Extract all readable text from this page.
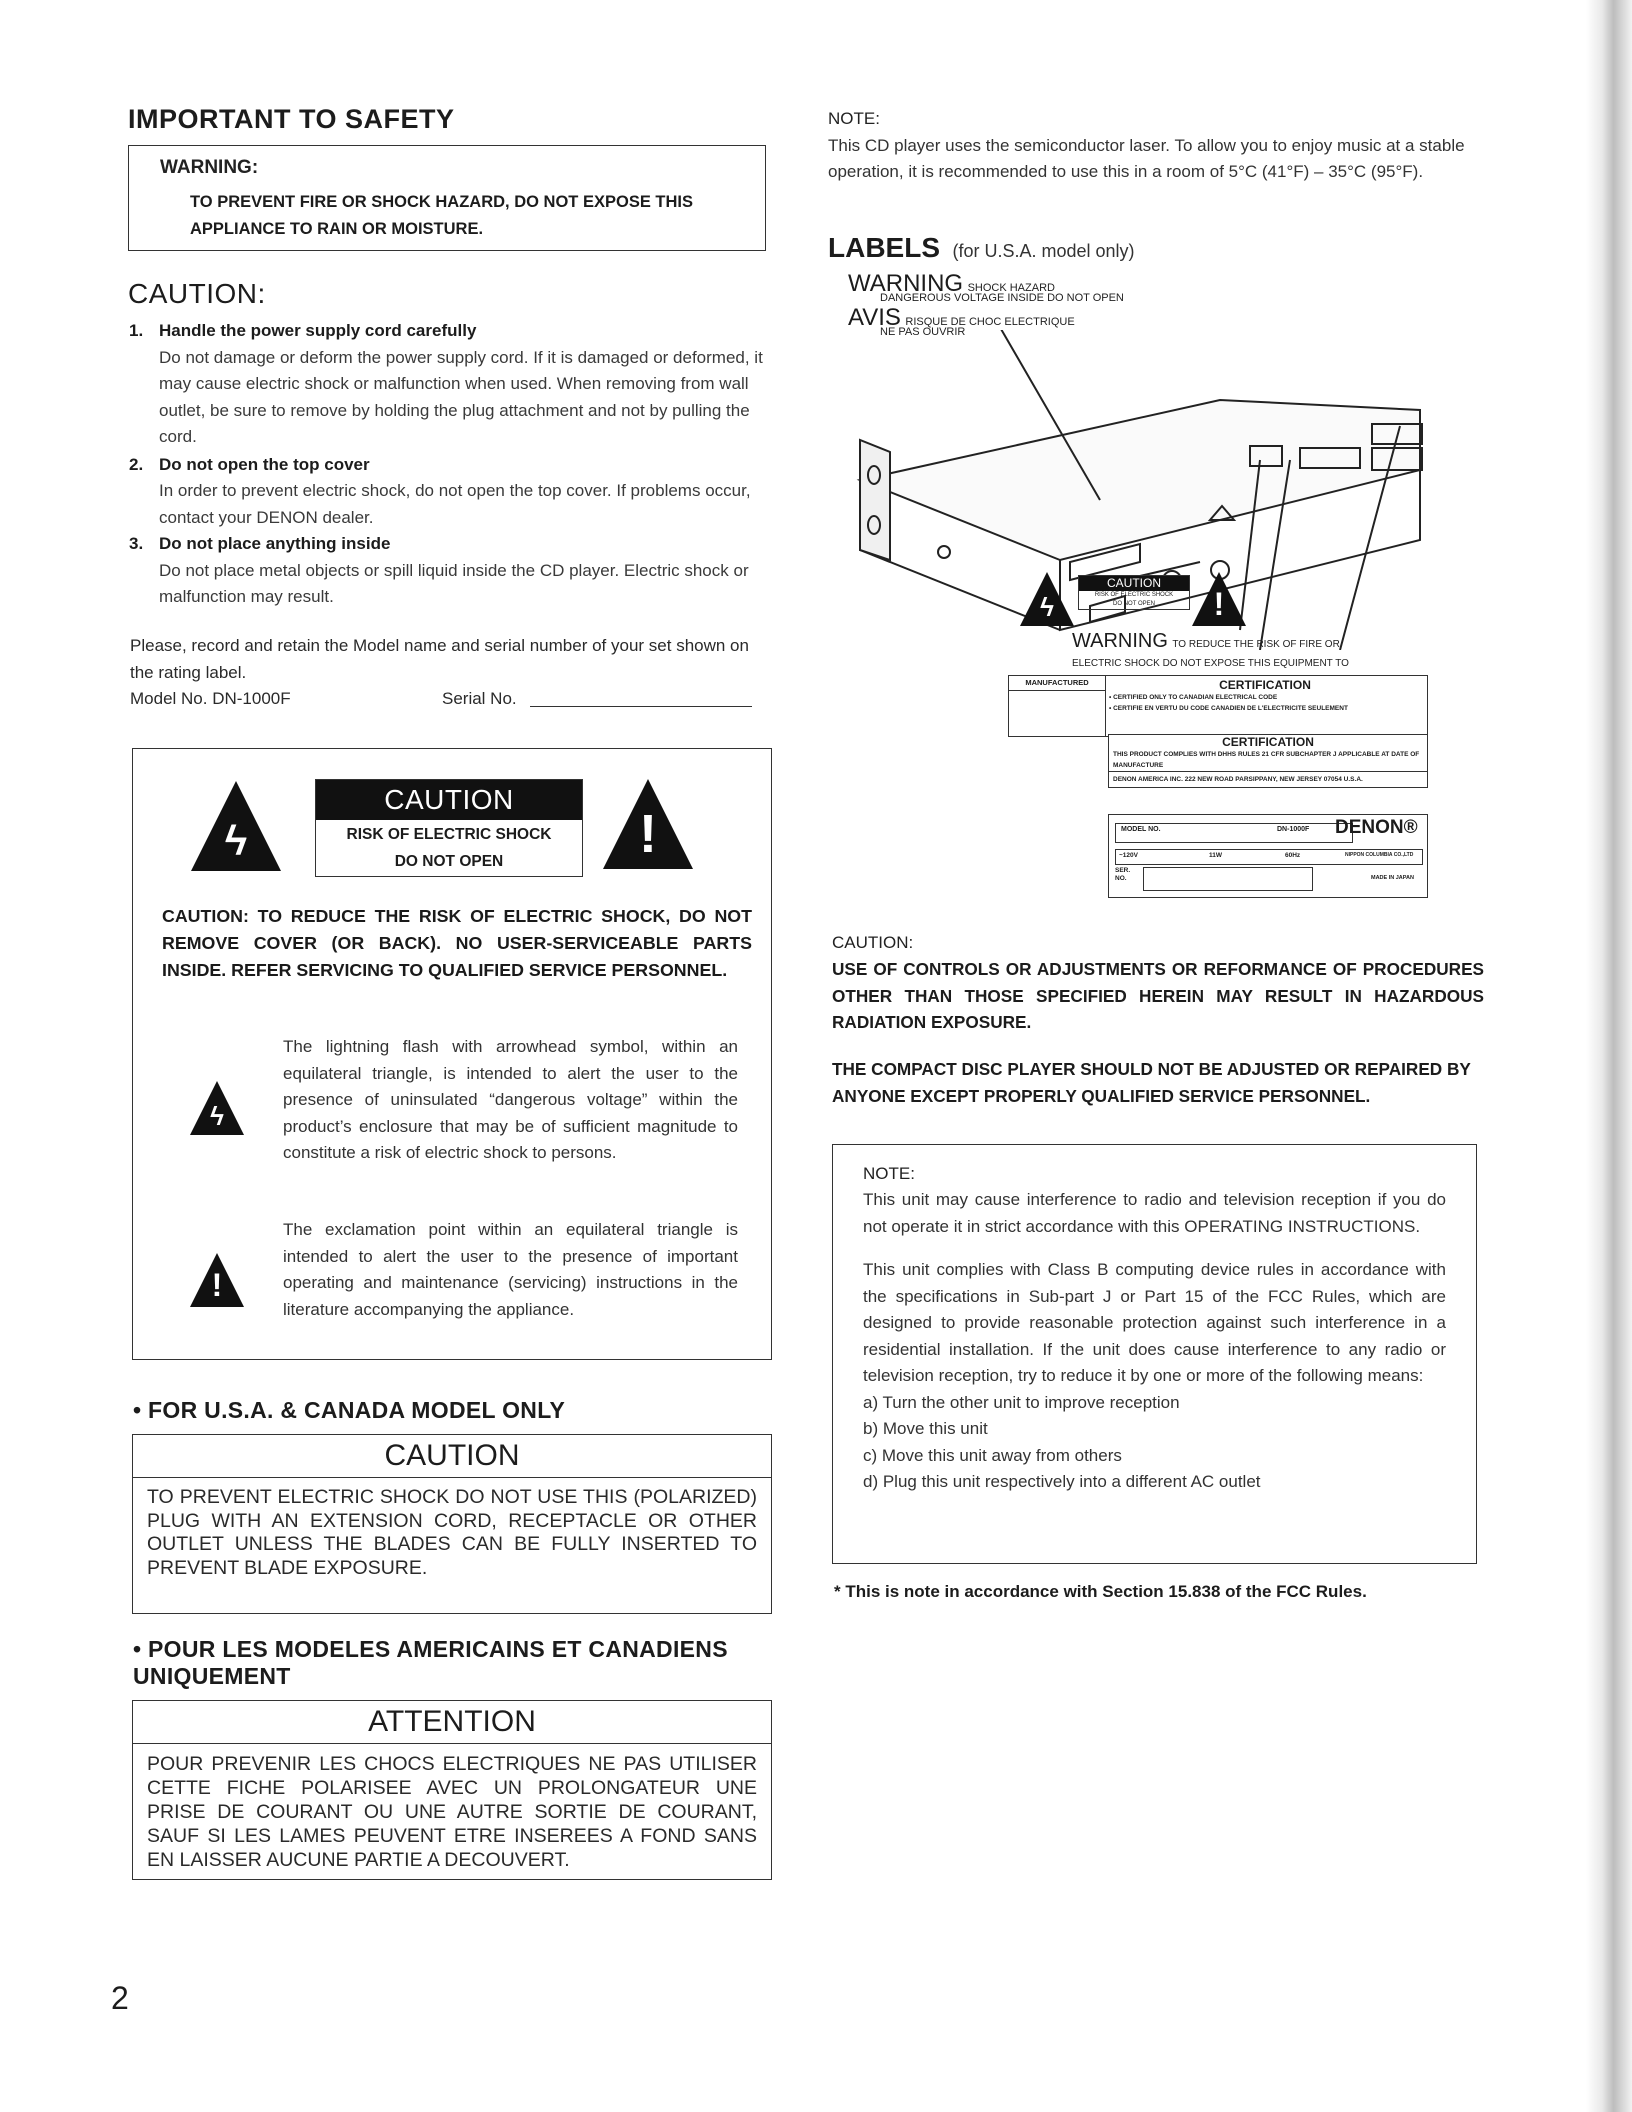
IMPORTANT TO SAFETY
WARNING:
TO PREVENT FIRE OR SHOCK HAZARD, DO NOT EXPOSE THIS APPLIANCE TO RAIN OR MOISTURE.
CAUTION:
1. Handle the power supply cord carefully
Do not damage or deform the power supply cord. If it is damaged or deformed, it may cause electric shock or malfunction when used. When removing from wall outlet, be sure to remove by holding the plug attachment and not by pulling the cord.
2. Do not open the top cover
In order to prevent electric shock, do not open the top cover. If problems occur, contact your DENON dealer.
3. Do not place anything inside
Do not place metal objects or spill liquid inside the CD player. Electric shock or malfunction may result.
Please, record and retain the Model name and serial number of your set shown on the rating label.
Model No. DN-1000F	Serial No.
ϟ
CAUTION
RISK OF ELECTRIC SHOCK
DO NOT OPEN	!
CAUTION: TO REDUCE THE RISK OF ELECTRIC SHOCK, DO NOT REMOVE COVER (OR BACK). NO USER-SERVICEABLE PARTS INSIDE. REFER SERVICING TO QUALIFIED SERVICE PERSONNEL.
ϟ
The lightning flash with arrowhead symbol, within an equilateral triangle, is intended to alert the user to the presence of uninsulated “dangerous voltage” within the product’s enclosure that may be of sufficient magnitude to constitute a risk of electric shock to persons.
!
The exclamation point within an equilateral triangle is intended to alert the user to the presence of important operating and maintenance (servicing) instructions in the literature accompanying the appliance.
• FOR U.S.A. & CANADA MODEL ONLY
CAUTION
TO PREVENT ELECTRIC SHOCK DO NOT USE THIS (POLARIZED) PLUG WITH AN EXTENSION CORD, RECEPTACLE OR OTHER OUTLET UNLESS THE BLADES CAN BE FULLY INSERTED TO PREVENT BLADE EXPOSURE.
• POUR LES MODELES AMERICAINS ET CANADIENS UNIQUEMENT
ATTENTION
POUR PREVENIR LES CHOCS ELECTRIQUES NE PAS UTILISER CETTE FICHE POLARISEE AVEC UN PROLONGATEUR UNE PRISE DE COURANT OU UNE AUTRE SORTIE DE COURANT, SAUF SI LES LAMES PEUVENT ETRE INSEREES A FOND SANS EN LAISSER AUCUNE PARTIE A DECOUVERT.
2
NOTE:
This CD player uses the semiconductor laser. To allow you to enjoy music at a stable operation, it is recommended to use this in a room of 5°C (41°F) – 35°C (95°F).
LABELS (for U.S.A. model only)
WARNING SHOCK HAZARD
DANGEROUS VOLTAGE INSIDE DO NOT OPEN
AVIS RISQUE DE CHOC ELECTRIQUE
NE PAS OUVRIR
ϟ
CAUTION
RISK OF ELECTRIC SHOCK
DO NOT OPEN	!
WARNING TO REDUCE THE RISK OF FIRE OR ELECTRIC SHOCK DO NOT EXPOSE THIS EQUIPMENT TO
MANUFACTURED	CERTIFICATION
• CERTIFIED ONLY TO CANADIAN ELECTRICAL CODE
• CERTIFIE EN VERTU DU CODE CANADIEN DE L'ELECTRICITE SEULEMENT
CERTIFICATION
THIS PRODUCT COMPLIES WITH DHHS RULES 21 CFR SUBCHAPTER J APPLICABLE AT DATE OF MANUFACTURE
DENON AMERICA INC. 222 NEW ROAD PARSIPPANY, NEW JERSEY 07054 U.S.A.
MODEL NO.	DN-1000F DENON®
~120V	11W	60Hz	NIPPON COLUMBIA CO.,LTD
SER. NO.	MADE IN JAPAN
CAUTION:
USE OF CONTROLS OR ADJUSTMENTS OR REFORMANCE OF PROCEDURES OTHER THAN THOSE SPECIFIED HEREIN MAY RESULT IN HAZARDOUS RADIATION EXPOSURE.
THE COMPACT DISC PLAYER SHOULD NOT BE ADJUSTED OR REPAIRED BY ANYONE EXCEPT PROPERLY QUALIFIED SERVICE PERSONNEL.
NOTE:
This unit may cause interference to radio and television reception if you do not operate it in strict accordance with this OPERATING INSTRUCTIONS.
This unit complies with Class B computing device rules in accordance with the specifications in Sub-part J or Part 15 of the FCC Rules, which are designed to provide reasonable protection against such interference in a residential installation. If the unit does cause interference to any radio or television reception, try to reduce it by one or more of the following means:
a) Turn the other unit to improve reception
b) Move this unit
c) Move this unit away from others
d) Plug this unit respectively into a different AC outlet
* This is note in accordance with Section 15.838 of the FCC Rules.
